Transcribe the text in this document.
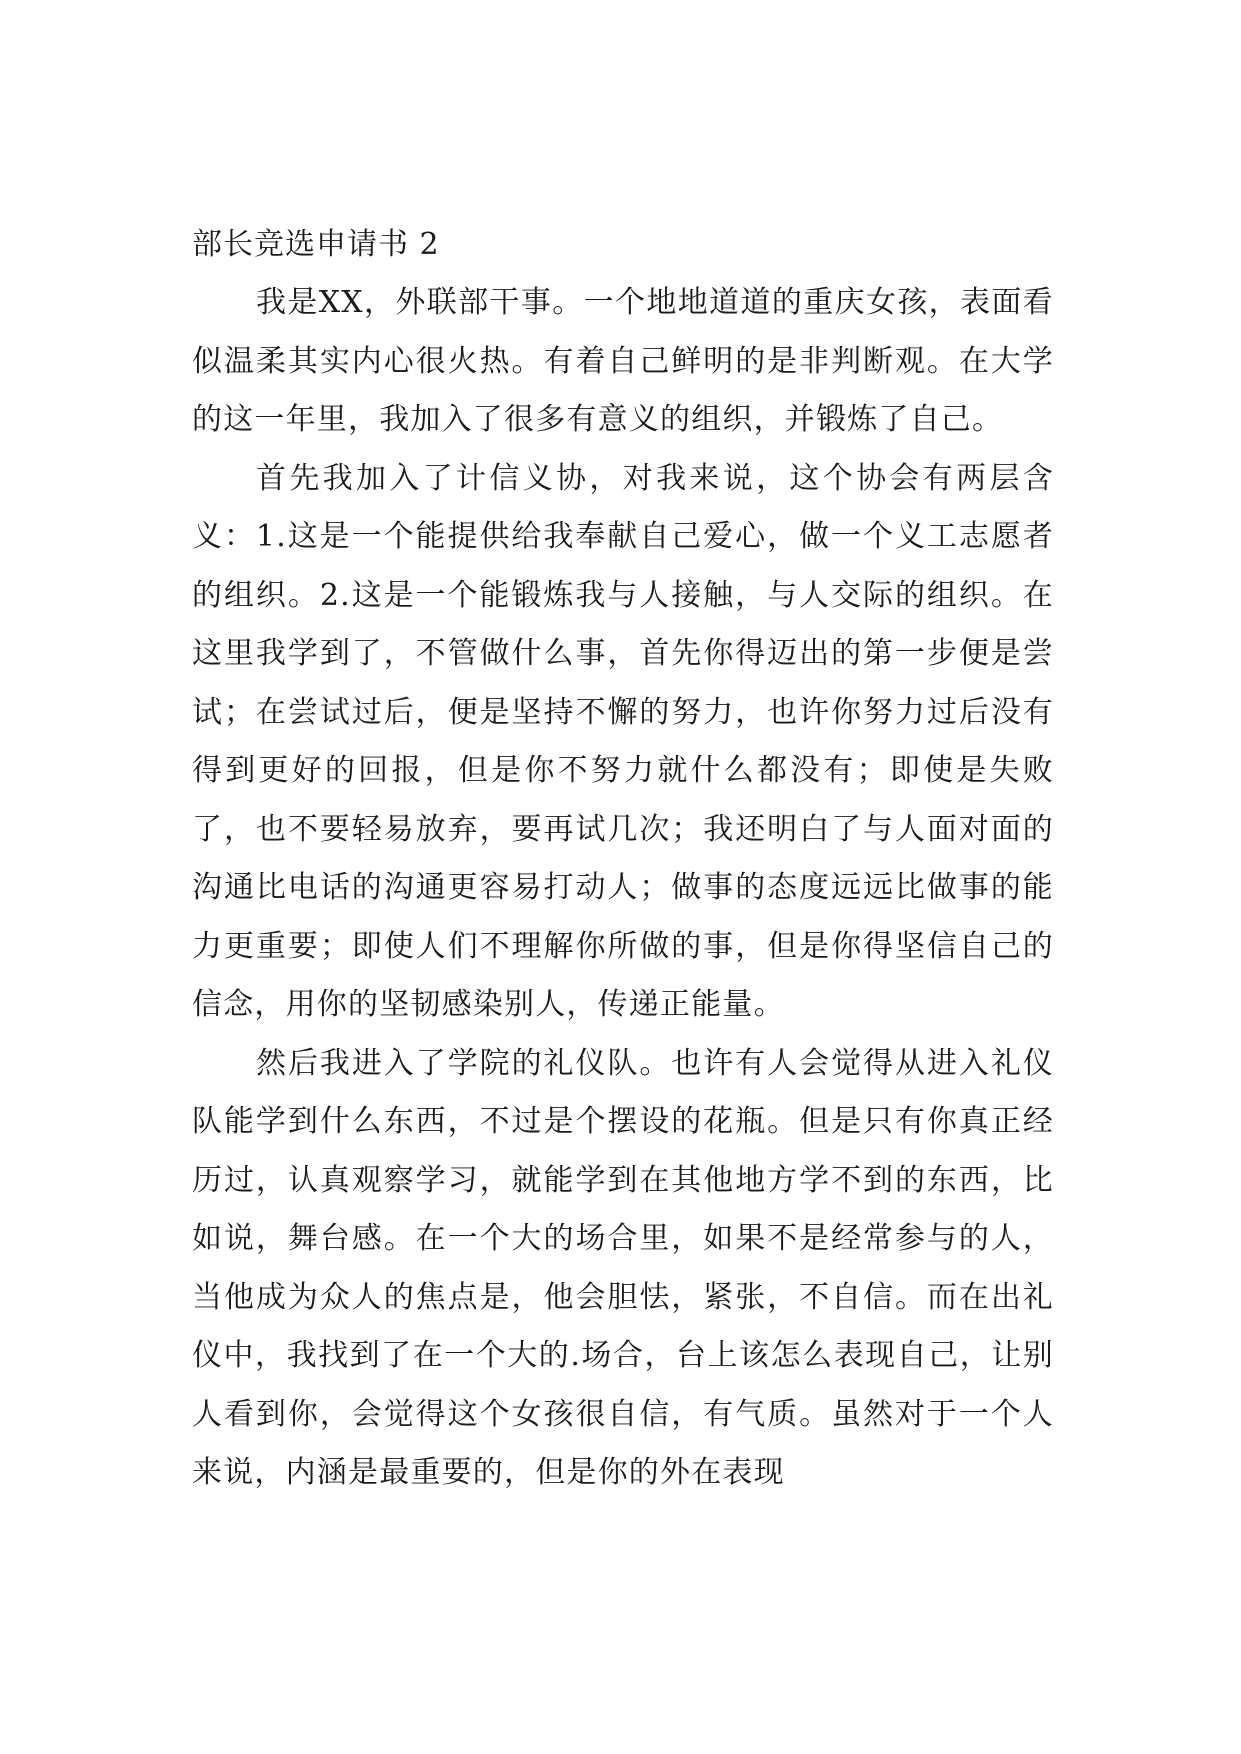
部长竞选申请书 2

我是XX，外联部干事。一个地地道道的重庆女孩，表面看似温柔其实内心很火热。有着自己鲜明的是非判断观。在大学的这一年里，我加入了很多有意义的组织，并锻炼了自己。

首先我加入了计信义协，对我来说，这个协会有两层含义：1.这是一个能提供给我奉献自己爱心，做一个义工志愿者的组织。2.这是一个能锻炼我与人接触，与人交际的组织。在这里我学到了，不管做什么事，首先你得迈出的第一步便是尝试；在尝试过后，便是坚持不懈的努力，也许你努力过后没有得到更好的回报，但是你不努力就什么都没有；即使是失败了，也不要轻易放弃，要再试几次；我还明白了与人面对面的沟通比电话的沟通更容易打动人；做事的态度远远比做事的能力更重要；即使人们不理解你所做的事，但是你得坚信自己的信念，用你的坚韧感染别人，传递正能量。

然后我进入了学院的礼仪队。也许有人会觉得从进入礼仪队能学到什么东西，不过是个摆设的花瓶。但是只有你真正经历过，认真观察学习，就能学到在其他地方学不到的东西，比如说，舞台感。在一个大的场合里，如果不是经常参与的人，当他成为众人的焦点是，他会胆怯，紧张，不自信。而在出礼仪中，我找到了在一个大的.场合，台上该怎么表现自己，让别人看到你，会觉得这个女孩很自信，有气质。虽然对于一个人来说，内涵是最重要的，但是你的外在表现
